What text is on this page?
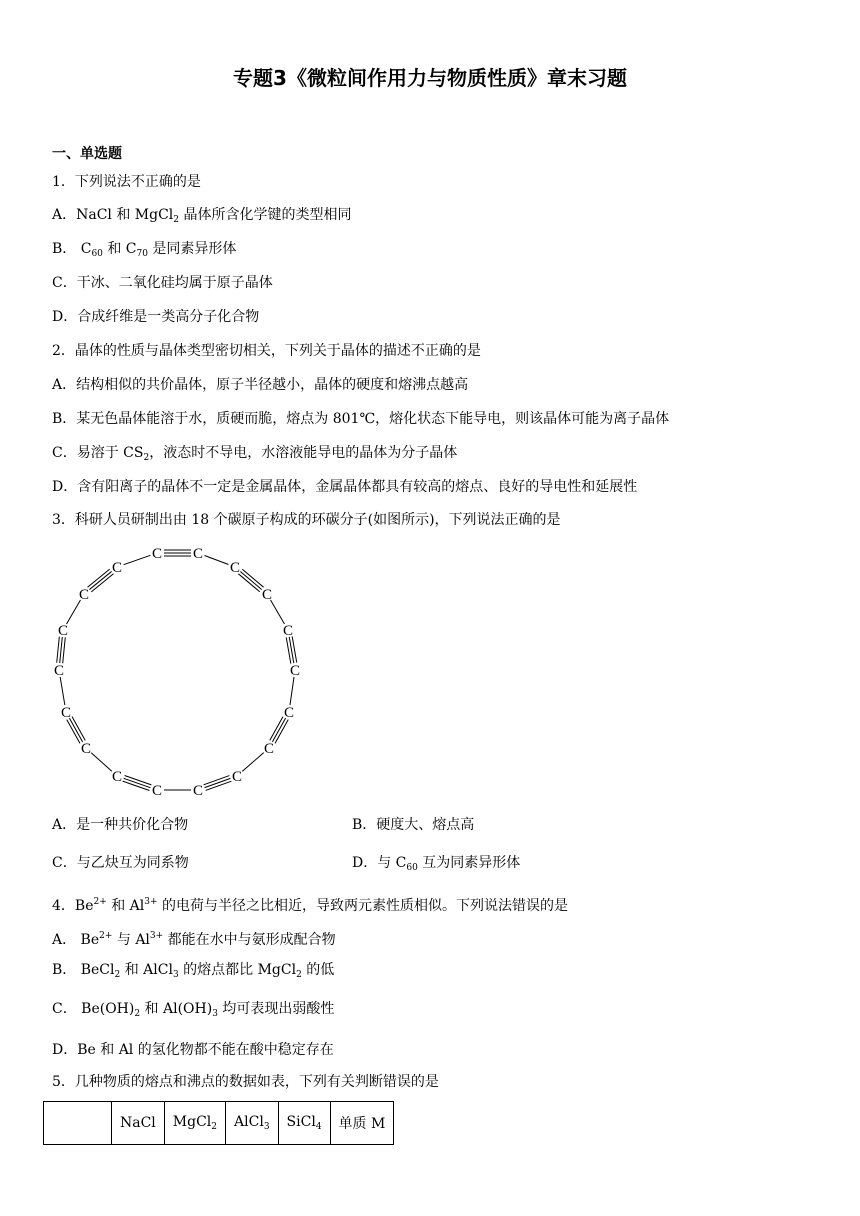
专题3《微粒间作用力与物质性质》章末习题
一、单选题
1．下列说法不正确的是
A．NaCl 和 MgCl$_2$ 晶体所含化学键的类型相同
B． $C_{60}$ 和 $C_{70}$ 是同素异形体
C．干冰、二氧化硅均属于原子晶体
D．合成纤维是一类高分子化合物
2．晶体的性质与晶体类型密切相关，下列关于晶体的描述不正确的是
A．结构相似的共价晶体，原子半径越小，晶体的硬度和熔沸点越高
B．某无色晶体能溶于水，质硬而脆，熔点为 801℃，熔化状态下能导电，则该晶体可能为离子晶体
C．易溶于 $CS_2$，液态时不导电，水溶液能导电的晶体为分子晶体
D．含有阳离子的晶体不一定是金属晶体，金属晶体都具有较高的熔点、良好的导电性和延展性
3．科研人员研制出由 18 个碳原子构成的环碳分子(如图所示)，下列说法正确的是
C C
C
C
C
C
C
C
C
C
C
C
C
C
C
C
C
C
A．是一种共价化合物	B．硬度大、熔点高
C．与乙炔互为同系物	D．与 $C_{60}$ 互为同素异形体
4．$Be^{2+}$ 和 $Al^{3+}$ 的电荷与半径之比相近，导致两元素性质相似。下列说法错误的是
A． $Be^{2+}$ 与 $Al^{3+}$ 都能在水中与氨形成配合物
B． BeCl$_2$ 和 AlCl$_3$ 的熔点都比 MgCl$_2$ 的低
C． $Be(OH)_2$ 和 $Al(OH)_3$ 均可表现出弱酸性
D．Be 和 Al 的氢化物都不能在酸中稳定存在
5．几种物质的熔点和沸点的数据如表，下列有关判断错误的是
	NaCl	MgCl$_2$	AlCl$_3$	SiCl$_4$	单质 M
